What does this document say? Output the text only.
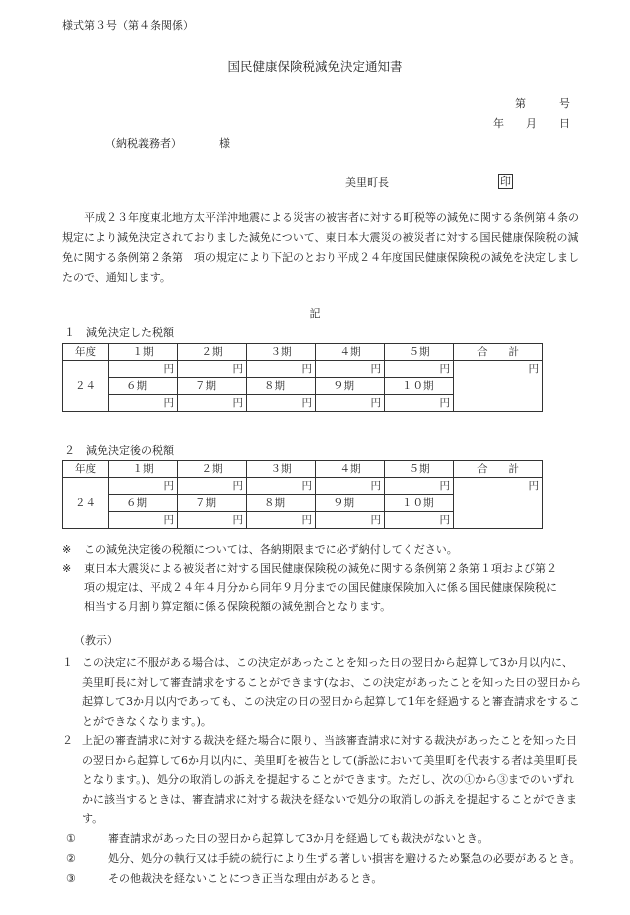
様式第３号（第４条関係）
国民健康保険税減免決定通知書
第　　　号
年　　月　　日
（納税義務者）	様
美里町長	印

平成２３年度東北地方太平洋沖地震による災害の被害者に対する町税等の減免に関する条例第４条の規定により減免決定されておりました減免について、東日本大震災の被災者に対する国民健康保険税の減免に関する条例第２条第　項の規定により下記のとおり平成２４年度国民健康保険税の減免を決定しましたので、通知します。

記
１　減免決定した税額
年度	１期	２期	３期	４期	５期	合　　計
２４	円	円	円	円	円	円
	６期	７期	８期	９期	１０期	
	円	円	円	円	円	
２　減免決定後の税額
年度	１期	２期	３期	４期	５期	合　　計
２４	円	円	円	円	円	円
	６期	７期	８期	９期	１０期	
	円	円	円	円	円	
※	この減免決定後の税額については、各納期限までに必ず納付してください。
※	東日本大震災による被災者に対する国民健康保険税の減免に関する条例第２条第１項および第２項の規定は、平成２４年４月分から同年９月分までの国民健康保険加入に係る国民健康保険税に相当する月割り算定額に係る保険税額の減免割合となります。
（教示）
１ この決定に不服がある場合は、この決定があったことを知った日の翌日から起算して3か月以内に、美里町長に対して審査請求をすることができます(なお、この決定があったことを知った日の翌日から起算して3か月以内であっても、この決定の日の翌日から起算して1年を経過すると審査請求をすることができなくなります。)。
２ 上記の審査請求に対する裁決を経た場合に限り、当該審査請求に対する裁決があったことを知った日の翌日から起算して6か月以内に、美里町を被告として(訴訟において美里町を代表する者は美里町長となります。)、処分の取消しの訴えを提起することができます。ただし、次の①から③までのいずれかに該当するときは、審査請求に対する裁決を経ないで処分の取消しの訴えを提起することができます。
①	審査請求があった日の翌日から起算して3か月を経過しても裁決がないとき。
②	処分、処分の執行又は手続の続行により生ずる著しい損害を避けるため緊急の必要があるとき。
③	その他裁決を経ないことにつき正当な理由があるとき。
